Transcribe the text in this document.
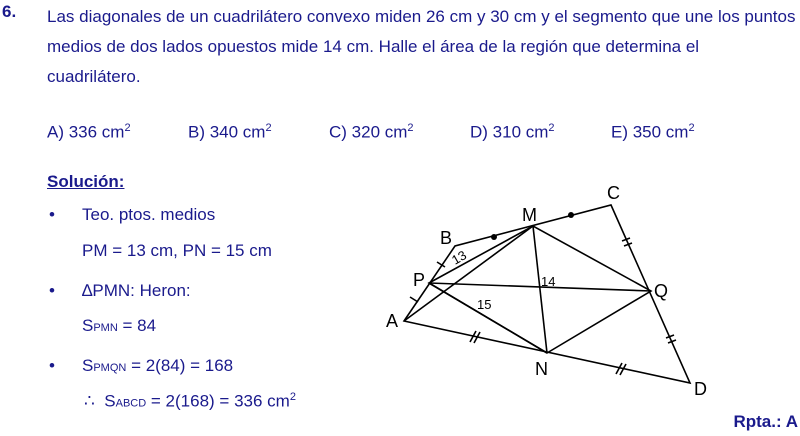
6. Las diagonales de un cuadrilátero convexo miden 26 cm y 30 cm y el segmento que une los puntos medios de dos lados opuestos mide 14 cm. Halle el área de la región que determina el cuadrilátero.
A) 336 $cm^2$	B) 340 $cm^2$	C) 320 $cm^2$	D) 310 $cm^2$	E) 350 $cm^2$
Solución:
• Teo. ptos. medios
PM = 13 cm, PN = 15 cm
• ∆PMN: Heron:
SPMN = 84
• SPMQN = 2(84) = 168
∴ SABCD = 2(168) = 336 $cm^2$
Rpta.: A
A
B
C
D
M
N
P
Q
13
14
15
